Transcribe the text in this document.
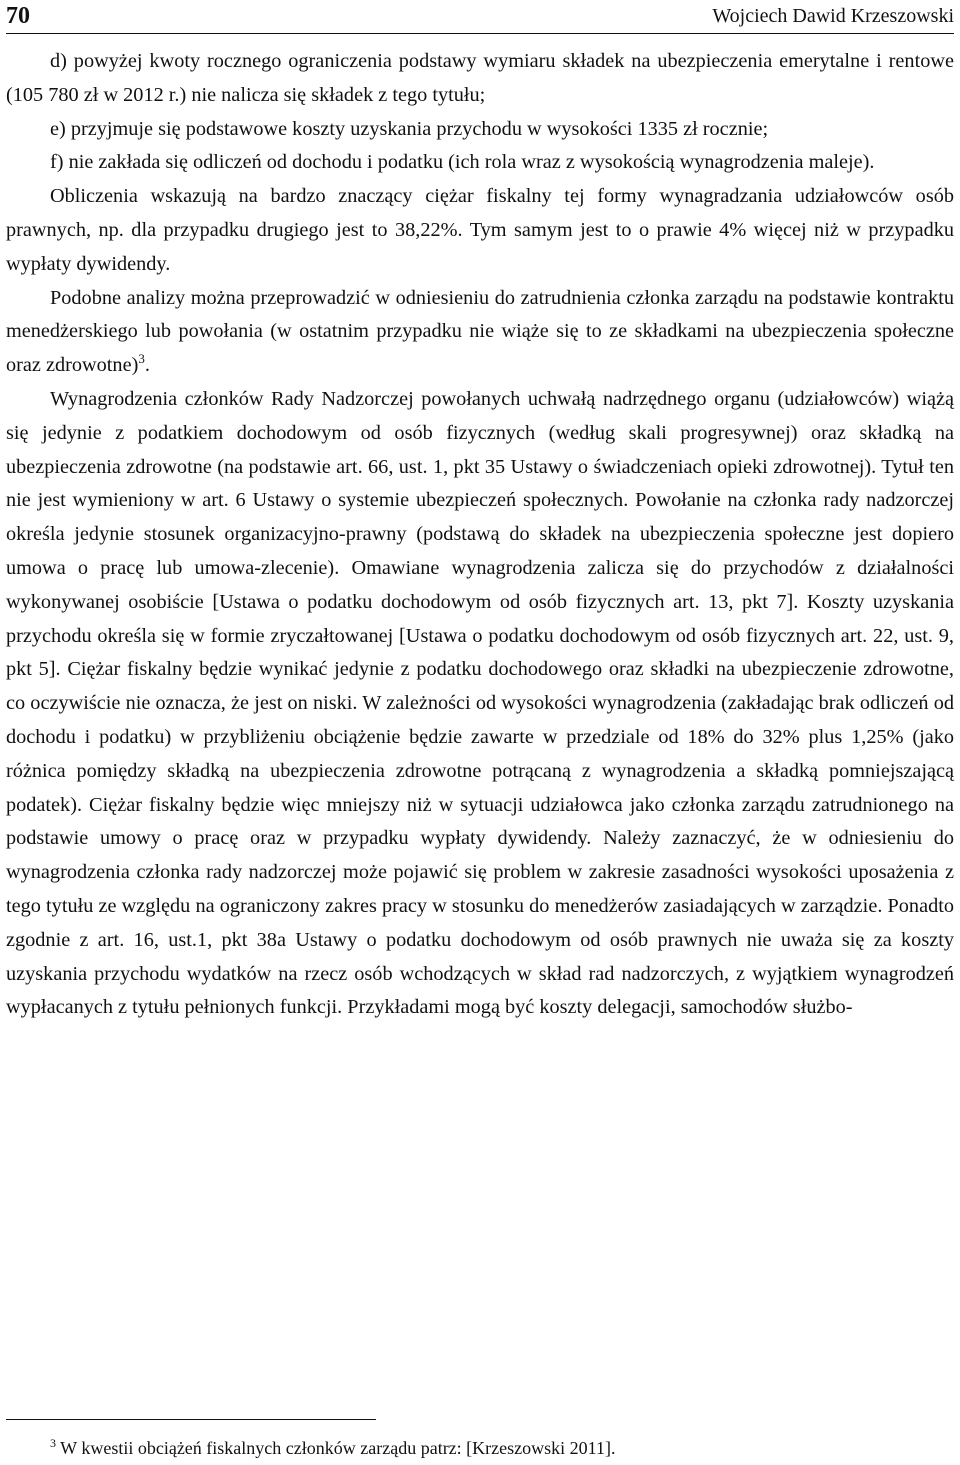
70	Wojciech Dawid Krzeszowski

d) powyżej kwoty rocznego ograniczenia podstawy wymiaru składek na ubezpieczenia emerytalne i rentowe (105 780 zł w 2012 r.) nie nalicza się składek z tego tytułu;

e) przyjmuje się podstawowe koszty uzyskania przychodu w wysokości 1335 zł rocznie;

f) nie zakłada się odliczeń od dochodu i podatku (ich rola wraz z wysokością wynagrodzenia maleje).

Obliczenia wskazują na bardzo znaczący ciężar fiskalny tej formy wynagradzania udziałowców osób prawnych, np. dla przypadku drugiego jest to 38,22%. Tym samym jest to o prawie 4% więcej niż w przypadku wypłaty dywidendy.

Podobne analizy można przeprowadzić w odniesieniu do zatrudnienia członka zarządu na podstawie kontraktu menedżerskiego lub powołania (w ostatnim przypadku nie wiąże się to ze składkami na ubezpieczenia społeczne oraz zdrowotne)$^3$.

Wynagrodzenia członków Rady Nadzorczej powołanych uchwałą nadrzędnego organu (udziałowców) wiążą się jedynie z podatkiem dochodowym od osób fizycznych (według skali progresywnej) oraz składką na ubezpieczenia zdrowotne (na podstawie art. 66, ust. 1, pkt 35 Ustawy o świadczeniach opieki zdrowotnej). Tytuł ten nie jest wymieniony w art. 6 Ustawy o systemie ubezpieczeń społecznych. Powołanie na członka rady nadzorczej określa jedynie stosunek organizacyjno-prawny (podstawą do składek na ubezpieczenia społeczne jest dopiero umowa o pracę lub umowa-zlecenie). Omawiane wynagrodzenia zalicza się do przychodów z działalności wykonywanej osobiście [Ustawa o podatku dochodowym od osób fizycznych art. 13, pkt 7]. Koszty uzyskania przychodu określa się w formie zryczałtowanej [Ustawa o podatku dochodowym od osób fizycznych art. 22, ust. 9, pkt 5]. Ciężar fiskalny będzie wynikać jedynie z podatku dochodowego oraz składki na ubezpieczenie zdrowotne, co oczywiście nie oznacza, że jest on niski. W zależności od wysokości wynagrodzenia (zakładając brak odliczeń od dochodu i podatku) w przybliżeniu obciążenie będzie zawarte w przedziale od 18% do 32% plus 1,25% (jako różnica pomiędzy składką na ubezpieczenia zdrowotne potrącaną z wynagrodzenia a składką pomniejszającą podatek). Ciężar fiskalny będzie więc mniejszy niż w sytuacji udziałowca jako członka zarządu zatrudnionego na podstawie umowy o pracę oraz w przypadku wypłaty dywidendy. Należy zaznaczyć, że w odniesieniu do wynagrodzenia członka rady nadzorczej może pojawić się problem w zakresie zasadności wysokości uposażenia z tego tytułu ze względu na ograniczony zakres pracy w stosunku do menedżerów zasiadających w zarządzie. Ponadto zgodnie z art. 16, ust.1, pkt 38a Ustawy o podatku dochodowym od osób prawnych nie uważa się za koszty uzyskania przychodu wydatków na rzecz osób wchodzących w skład rad nadzorczych, z wyjątkiem wynagrodzeń wypłacanych z tytułu pełnionych funkcji. Przykładami mogą być koszty delegacji, samochodów służbo-

$^3$ W kwestii obciążeń fiskalnych członków zarządu patrz: [Krzeszowski 2011].
